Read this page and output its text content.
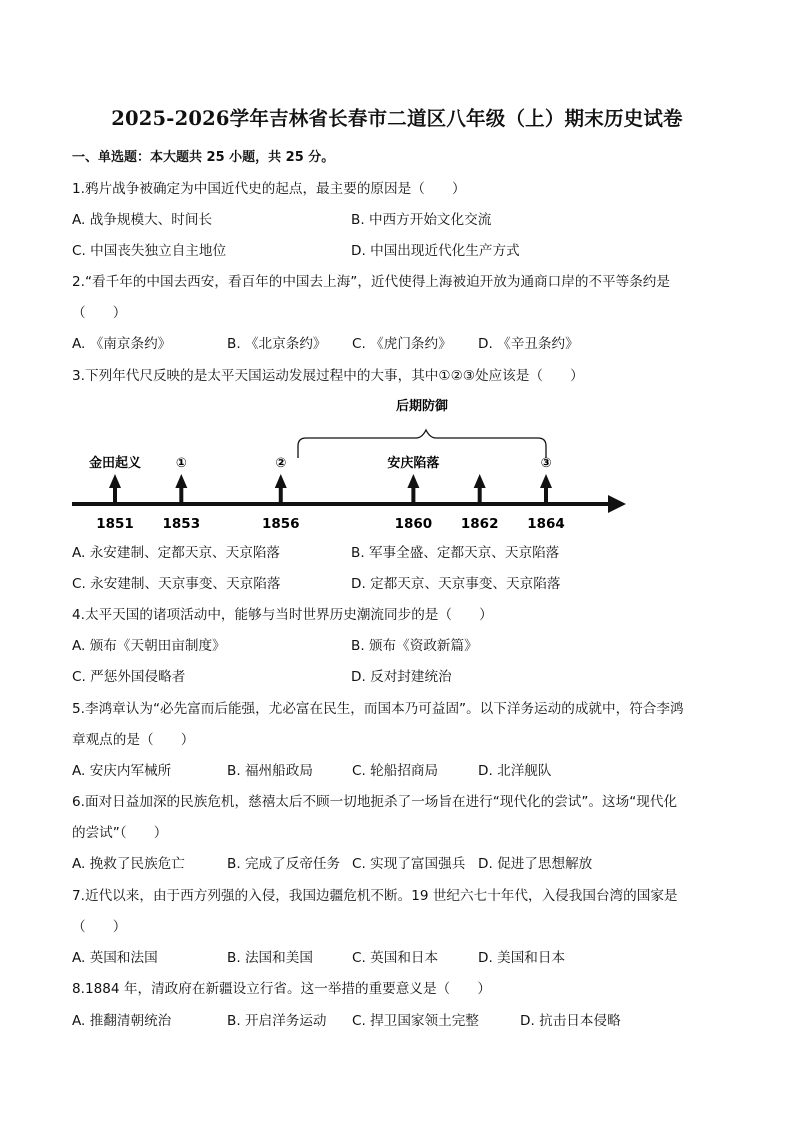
2025-2026学年吉林省长春市二道区八年级（上）期末历史试卷
一、单选题：本大题共 25 小题，共 25 分。
1.鸦片战争被确定为中国近代史的起点，最主要的原因是（　　）
A. 战争规模大、时间长	B. 中西方开始文化交流
C. 中国丧失独立自主地位	D. 中国出现近代化生产方式
2.“看千年的中国去西安，看百年的中国去上海”，近代使得上海被迫开放为通商口岸的不平等条约是
（　　）
A. 《南京条约》	B. 《北京条约》 C. 《虎门条约》 D. 《辛丑条约》
3.下列年代尺反映的是太平天国运动发展过程中的大事，其中①②③处应该是（　　）
后期防御
1851
金田起义
1853
①
1856
②
1860
安庆陷落
1862 1864
③
A. 永安建制、定都天京、天京陷落	B. 军事全盛、定都天京、天京陷落
C. 永安建制、天京事变、天京陷落	D. 定都天京、天京事变、天京陷落
4.太平天国的诸项活动中，能够与当时世界历史潮流同步的是（　　）
A. 颁布《天朝田亩制度》	B. 颁布《资政新篇》
C. 严惩外国侵略者	D. 反对封建统治
5.李鸿章认为“必先富而后能强，尤必富在民生，而国本乃可益固”。以下洋务运动的成就中，符合李鸿
章观点的是（　　）
A. 安庆内军械所	B. 福州船政局	C. 轮船招商局	D. 北洋舰队
6.面对日益加深的民族危机，慈禧太后不顾一切地扼杀了一场旨在进行“现代化的尝试”。这场“现代化
的尝试”（　　）
A. 挽救了民族危亡	B. 完成了反帝任务 C. 实现了富国强兵 D. 促进了思想解放
7.近代以来，由于西方列强的入侵，我国边疆危机不断。19 世纪六七十年代，入侵我国台湾的国家是
（　　）
A. 英国和法国	B. 法国和美国	C. 英国和日本	D. 美国和日本
8.1884 年，清政府在新疆设立行省。这一举措的重要意义是（　　）
A. 推翻清朝统治	B. 开启洋务运动 C. 捍卫国家领土完整	D. 抗击日本侵略
